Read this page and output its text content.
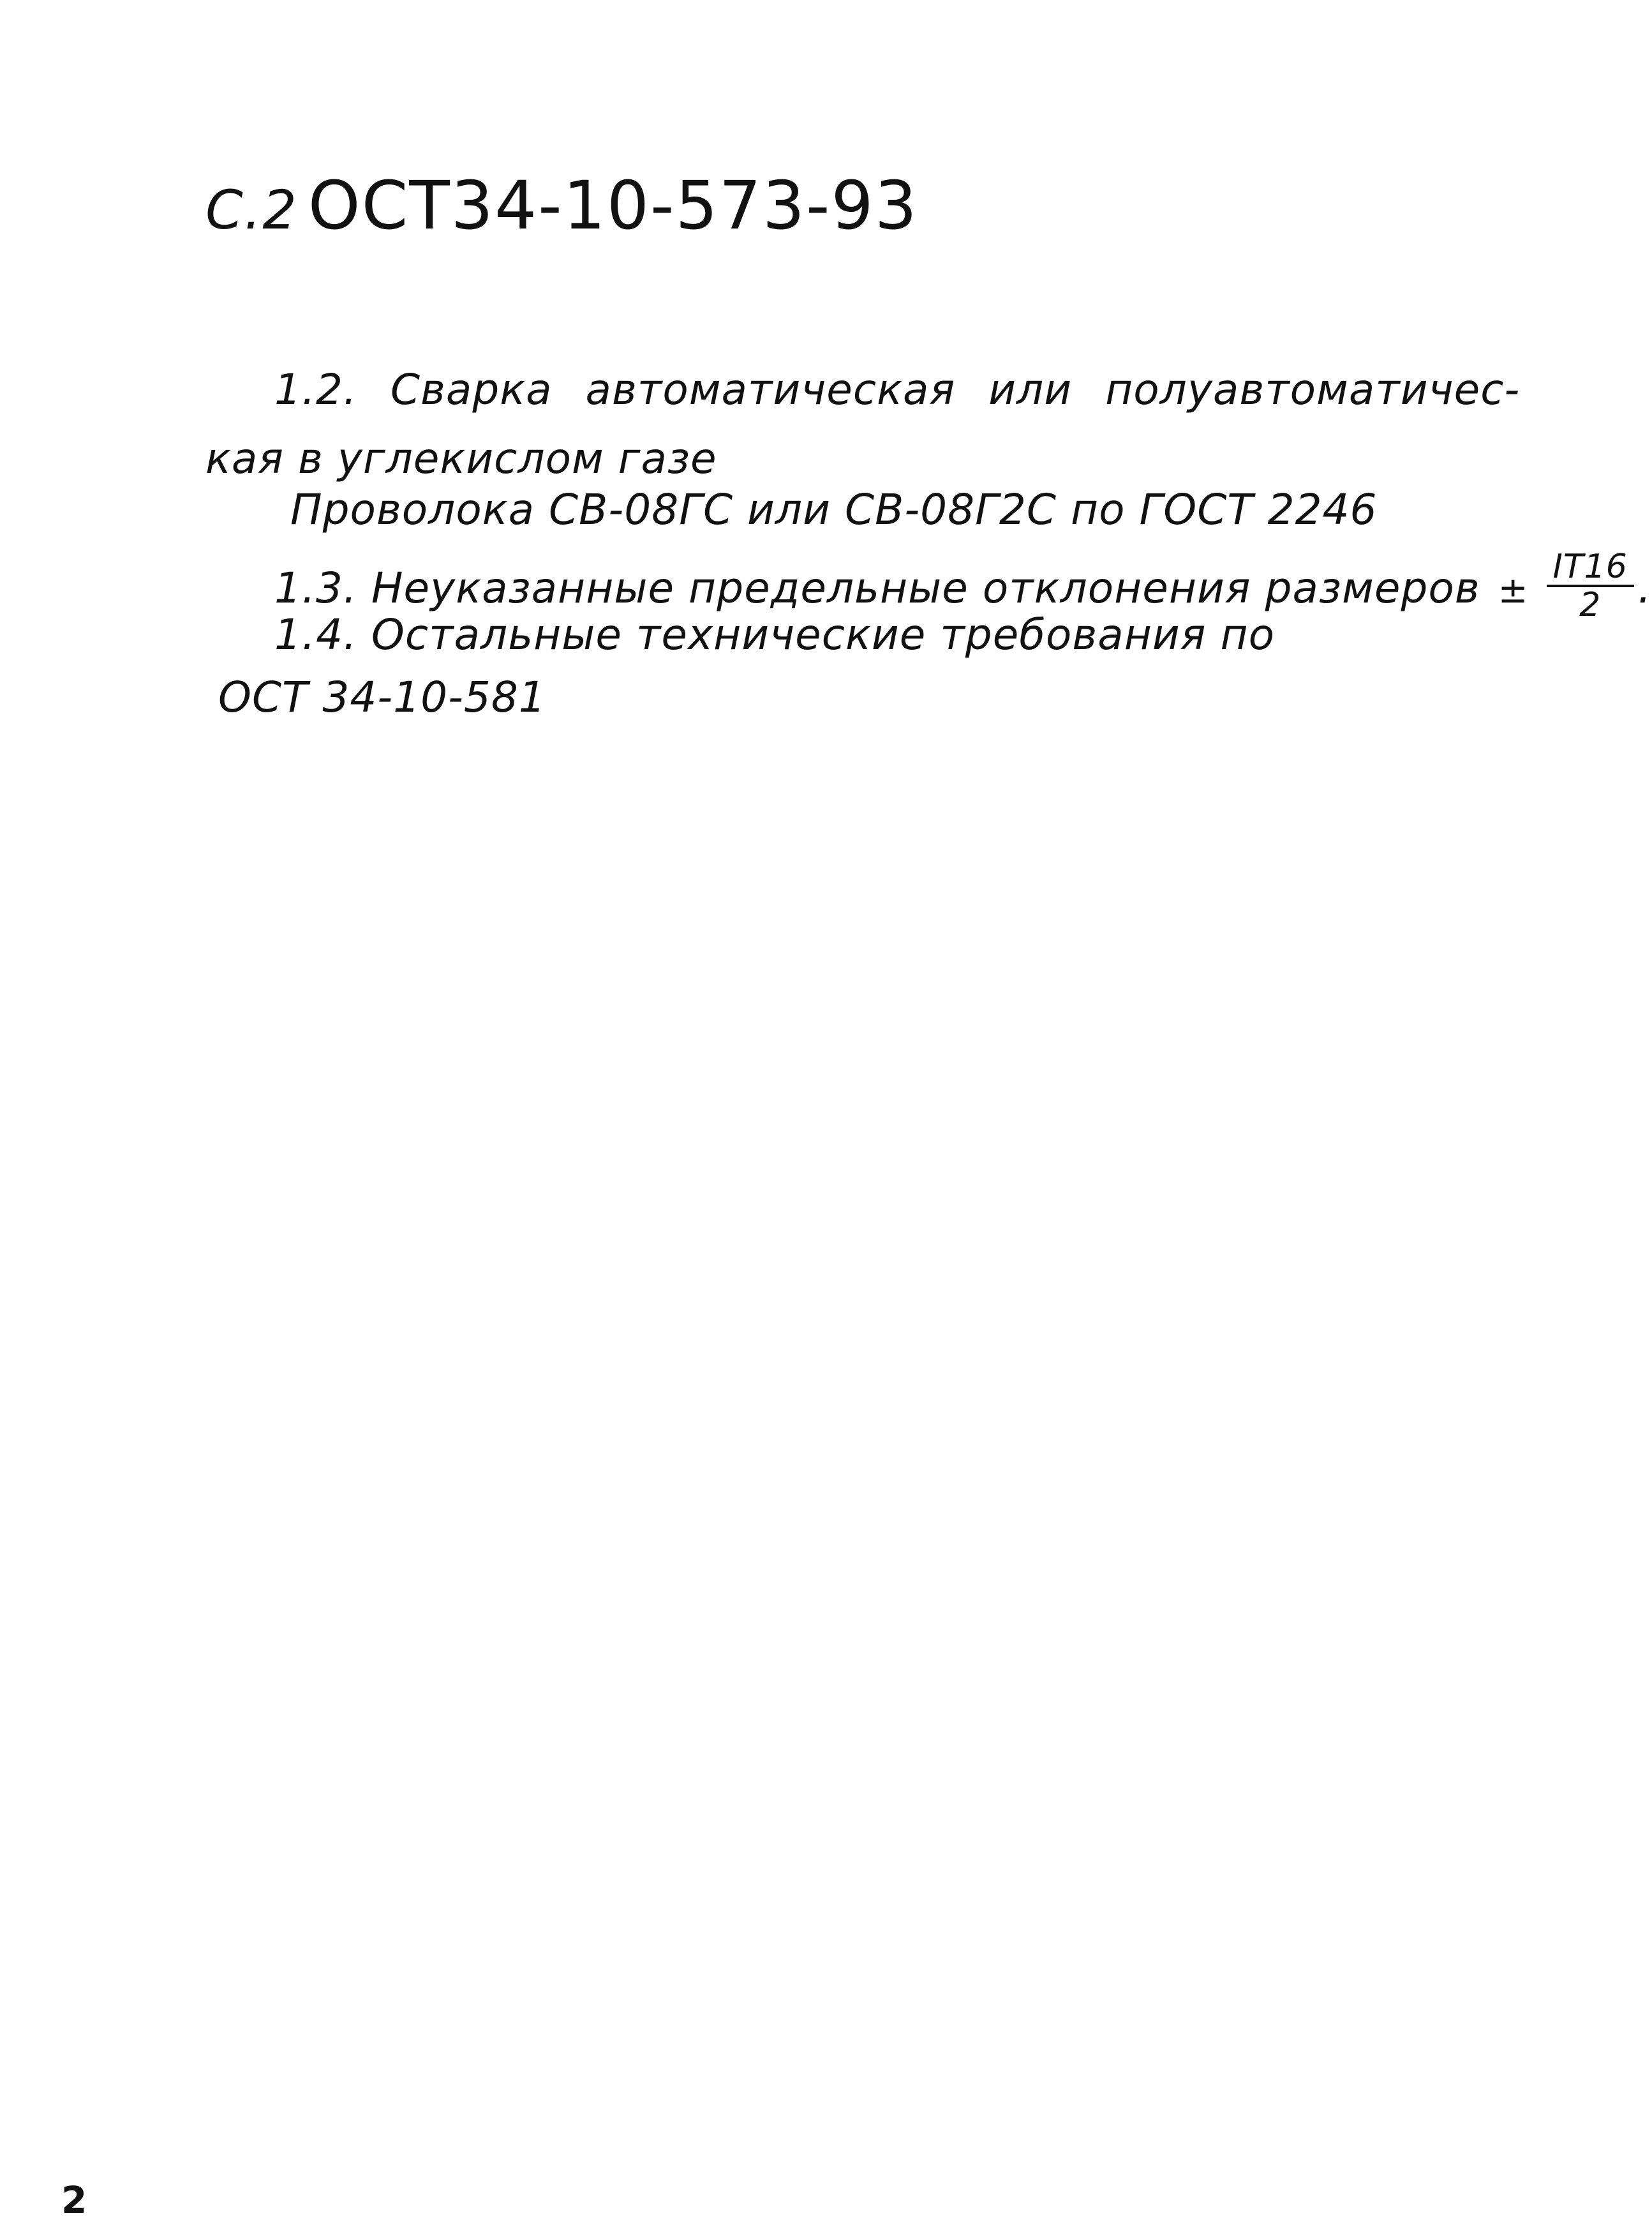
С.2 ОСТ34-10-573-93
1.2. Сварка автоматическая или полуавтоматичес-
кая в углекислом газе
Проволока СВ-08ГС или СВ-08Г2С по ГОСТ 2246
1.3. Неуказанные предельные отклонения размеров ± $\frac{IT16}{2}$ .
1.4. Остальные технические требования по
ОСТ 34-10-581
2
